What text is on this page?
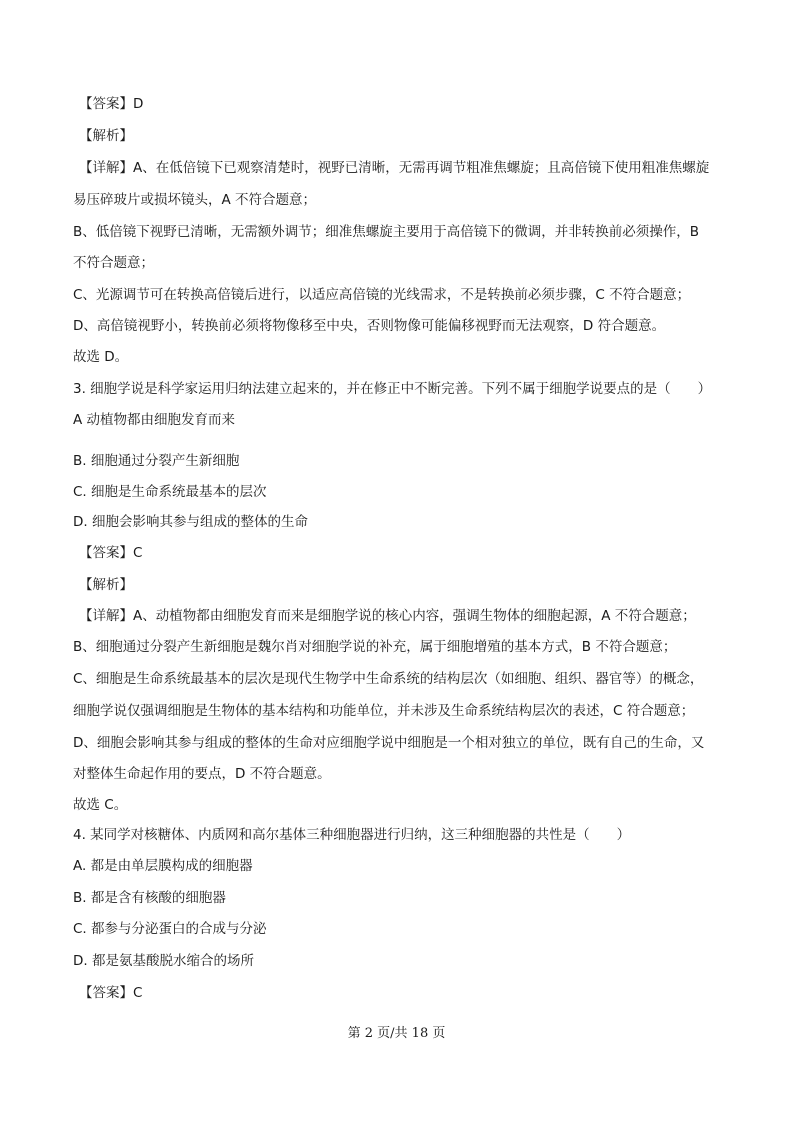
【答案】D
【解析】
【详解】A、在低倍镜下已观察清楚时，视野已清晰，无需再调节粗准焦螺旋；且高倍镜下使用粗准焦螺旋
易压碎玻片或损坏镜头，A 不符合题意；
B、低倍镜下视野已清晰，无需额外调节；细准焦螺旋主要用于高倍镜下的微调，并非转换前必须操作，B
不符合题意；
C、光源调节可在转换高倍镜后进行，以适应高倍镜的光线需求，不是转换前必须步骤，C 不符合题意；
D、高倍镜视野小，转换前必须将物像移至中央，否则物像可能偏移视野而无法观察，D 符合题意。
故选 D。
3. 细胞学说是科学家运用归纳法建立起来的，并在修正中不断完善。下列不属于细胞学说要点的是（　　）
A 动植物都由细胞发育而来
B. 细胞通过分裂产生新细胞
C. 细胞是生命系统最基本的层次
D. 细胞会影响其参与组成的整体的生命
【答案】C
【解析】
【详解】A、动植物都由细胞发育而来是细胞学说的核心内容，强调生物体的细胞起源，A 不符合题意；
B、细胞通过分裂产生新细胞是魏尔肖对细胞学说的补充，属于细胞增殖的基本方式，B 不符合题意；
C、细胞是生命系统最基本的层次是现代生物学中生命系统的结构层次（如细胞、组织、器官等）的概念，
细胞学说仅强调细胞是生物体的基本结构和功能单位，并未涉及生命系统结构层次的表述，C 符合题意；
D、细胞会影响其参与组成的整体的生命对应细胞学说中细胞是一个相对独立的单位，既有自己的生命，又
对整体生命起作用的要点，D 不符合题意。
故选 C。
4. 某同学对核糖体、内质网和高尔基体三种细胞器进行归纳，这三种细胞器的共性是（　　）
A. 都是由单层膜构成的细胞器
B. 都是含有核酸的细胞器
C. 都参与分泌蛋白的合成与分泌
D. 都是氨基酸脱水缩合的场所
【答案】C
第 2 页/共 18 页
